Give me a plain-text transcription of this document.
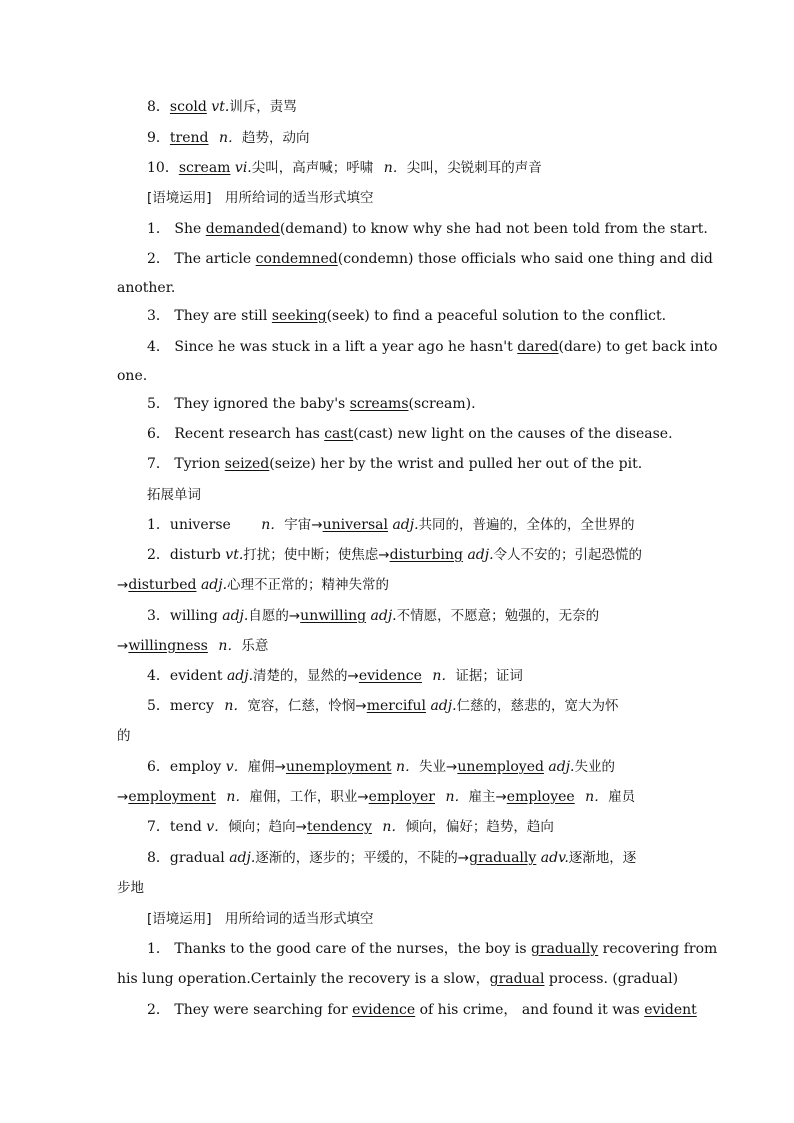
8．scold vt.训斥，责骂
9．trend n．趋势，动向
10．scream vi.尖叫，高声喊；呼啸 n．尖叫，尖锐刺耳的声音
[语境运用]　用所给词的适当形式填空
1． She demanded(demand) to know why she had not been told from the start.
2． The article condemned(condemn) those officials who said one thing and did
another.
3． They are still seeking(seek) to find a peaceful solution to the conflict.
4． Since he was stuck in a lift a year ago he hasn't dared(dare) to get back into
one.
5． They ignored the baby's screams(scream).
6． Recent research has cast(cast) new light on the causes of the disease.
7． Tyrion seized(seize) her by the wrist and pulled her out of the pit.
拓展单词
1．universe n．宇宙→universal adj.共同的，普遍的，全体的，全世界的
2．disturb vt.打扰；使中断；使焦虑→disturbing adj.令人不安的；引起恐慌的
→disturbed adj.心理不正常的；精神失常的
3．willing adj.自愿的→unwilling adj.不情愿，不愿意；勉强的，无奈的
→willingness n．乐意
4．evident adj.清楚的，显然的→evidence n．证据；证词
5．mercy n．宽容，仁慈，怜悯→merciful adj.仁慈的，慈悲的，宽大为怀
的
6．employ v．雇佣→unemployment n．失业→unemployed adj.失业的
→employment n．雇佣，工作，职业→employer n．雇主→employee n．雇员
7．tend v．倾向；趋向→tendency n．倾向，偏好；趋势，趋向
8．gradual adj.逐渐的，逐步的；平缓的，不陡的→gradually adv.逐渐地，逐
步地
[语境运用]　用所给词的适当形式填空
1． Thanks to the good care of the nurses，the boy is gradually recovering from
his lung operation.Certainly the recovery is a slow，gradual process. (gradual)
2． They were searching for evidence of his crime， and found it was evident
